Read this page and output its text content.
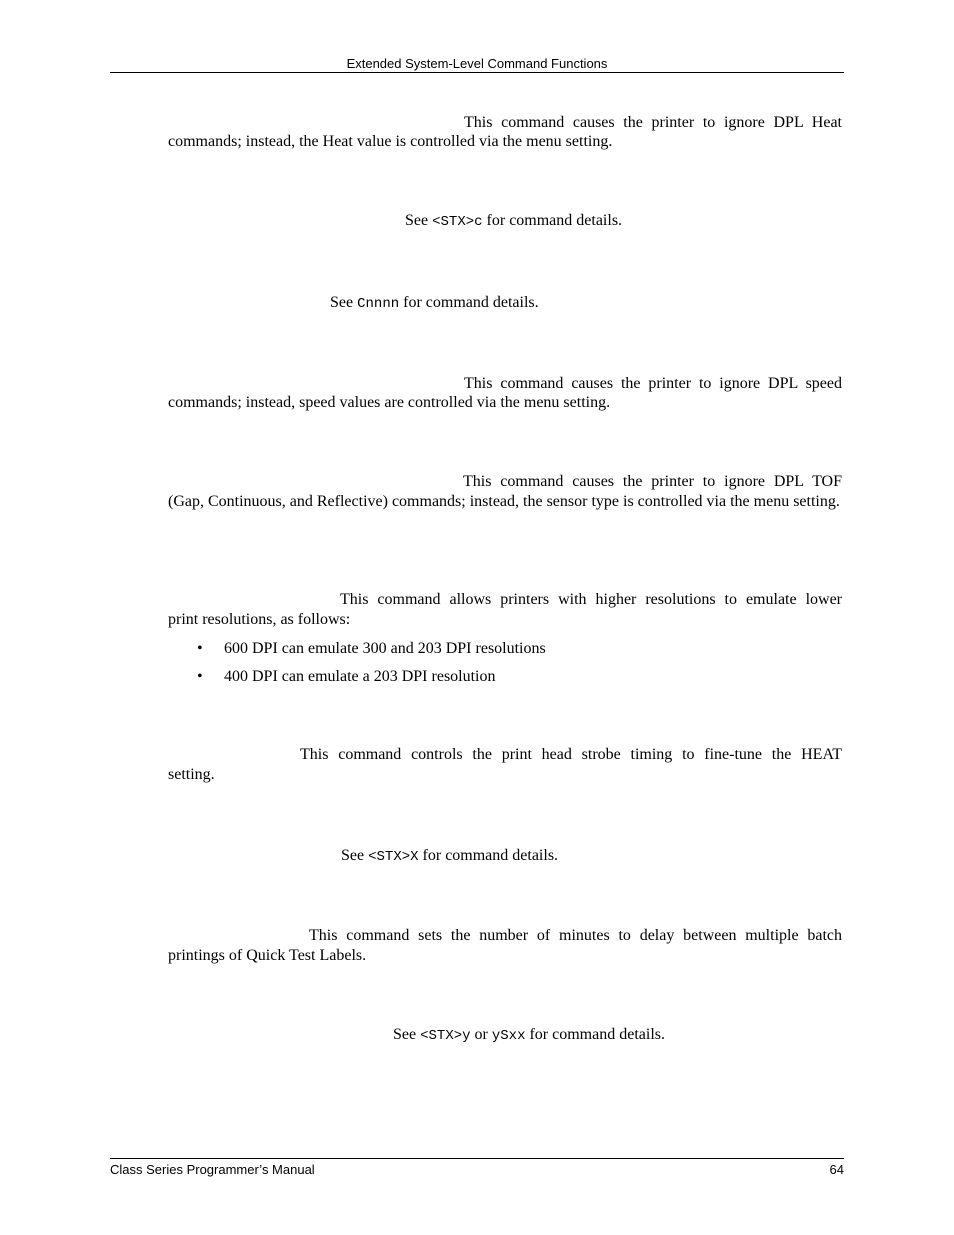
Extended System-Level Command Functions
This command causes the printer to ignore DPL Heat
commands; instead, the Heat value is controlled via the menu setting.
See <STX>c for command details.
See Cnnnn for command details.
This command causes the printer to ignore DPL speed
commands; instead, speed values are controlled via the menu setting.
This command causes the printer to ignore DPL TOF
(Gap, Continuous, and Reflective) commands; instead, the sensor type is controlled via the menu setting.
This command allows printers with higher resolutions to emulate lower
print resolutions, as follows:
• 600 DPI can emulate 300 and 203 DPI resolutions
• 400 DPI can emulate a 203 DPI resolution
This command controls the print head strobe timing to fine-tune the HEAT
setting.
See <STX>X for command details.
This command sets the number of minutes to delay between multiple batch
printings of Quick Test Labels.
See <STX>y or ySxx for command details.
Class Series Programmer’s Manual	64
